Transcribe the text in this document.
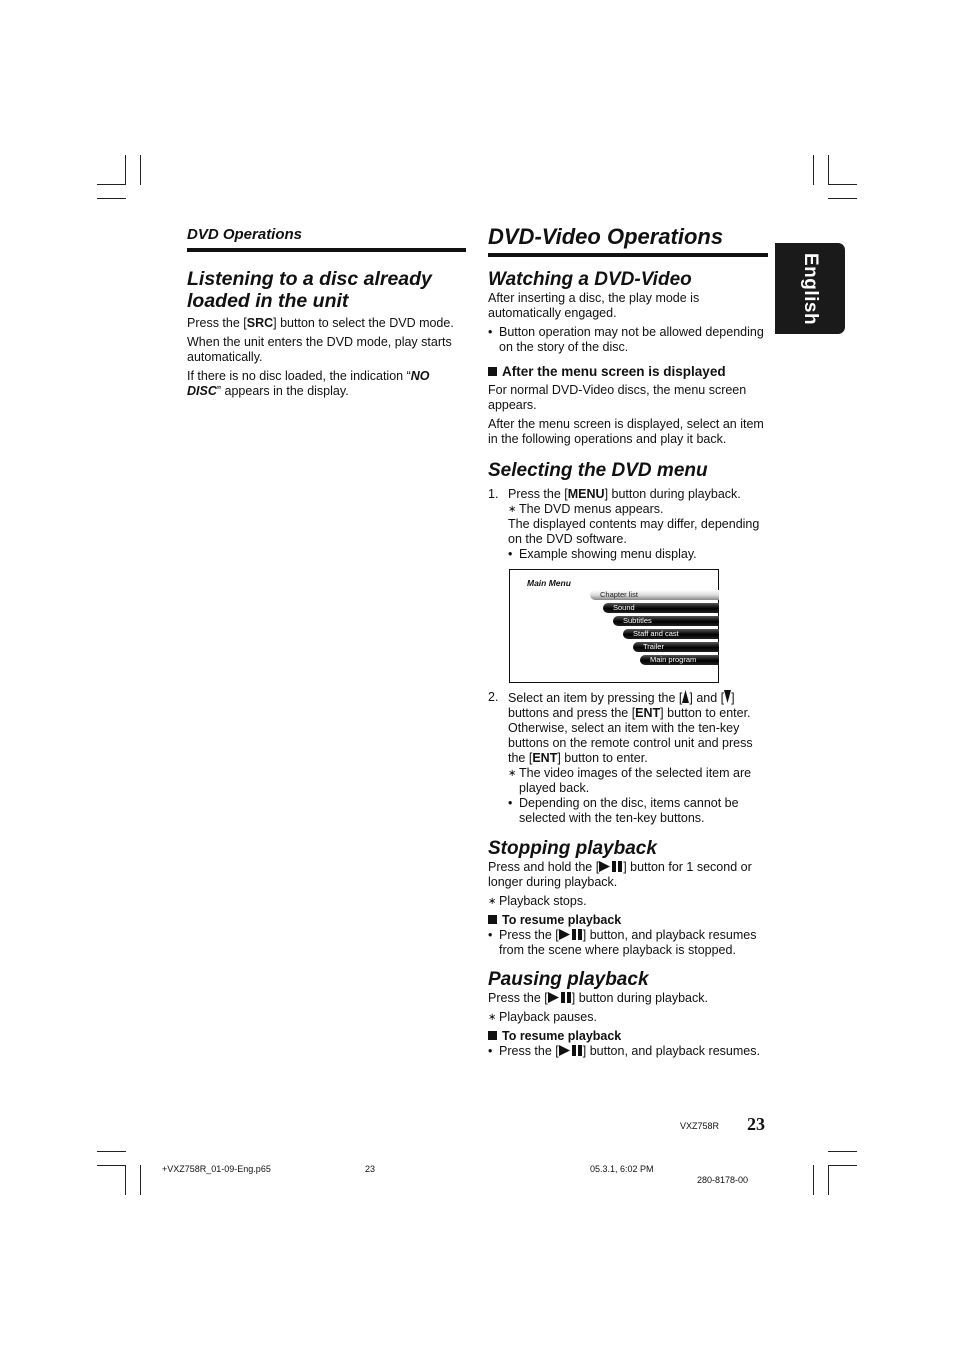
DVD Operations
Listening to a disc already
loaded in the unit

Press the [SRC] button to select the DVD mode.

When the unit enters the DVD mode, play starts automatically.

If there is no disc loaded, the indication “NO
DISC” appears in the display.

DVD-Video Operations
Watching a DVD-Video

After inserting a disc, the play mode is automatically engaged.

• Button operation may not be allowed depending on the story of the disc.

After the menu screen is displayed

For normal DVD-Video discs, the menu screen appears.

After the menu screen is displayed, select an item in the following operations and play it back.

Selecting the DVD menu
1. Press the [MENU] button during playback.

∗ The DVD menus appears.

The displayed contents may differ, depending on the DVD software.

• Example showing menu display.

Main Menu
Chapter list
Sound
Subtitles
Staff and cast
Trailer
Main program
2. Select an item by pressing the [ ] and [ ]

buttons and press the [ENT] button to enter.

Otherwise, select an item with the ten-key buttons on the remote control unit and press

the [ENT] button to enter.

∗ The video images of the selected item are played back.

• Depending on the disc, items cannot be selected with the ten-key buttons.

Stopping playback

Press and hold the [ ] button for 1 second or longer during playback.

∗ Playback stops.

To resume playback

• Press the [ ] button, and playback resumes from the scene where playback is stopped.

Pausing playback

Press the [ ] button during playback.

∗ Playback pauses.

To resume playback

• Press the [ ] button, and playback resumes.

English
VXZ758R 23
+VXZ758R_01-09-Eng.p65	23	05.3.1, 6:02 PM
280-8178-00
